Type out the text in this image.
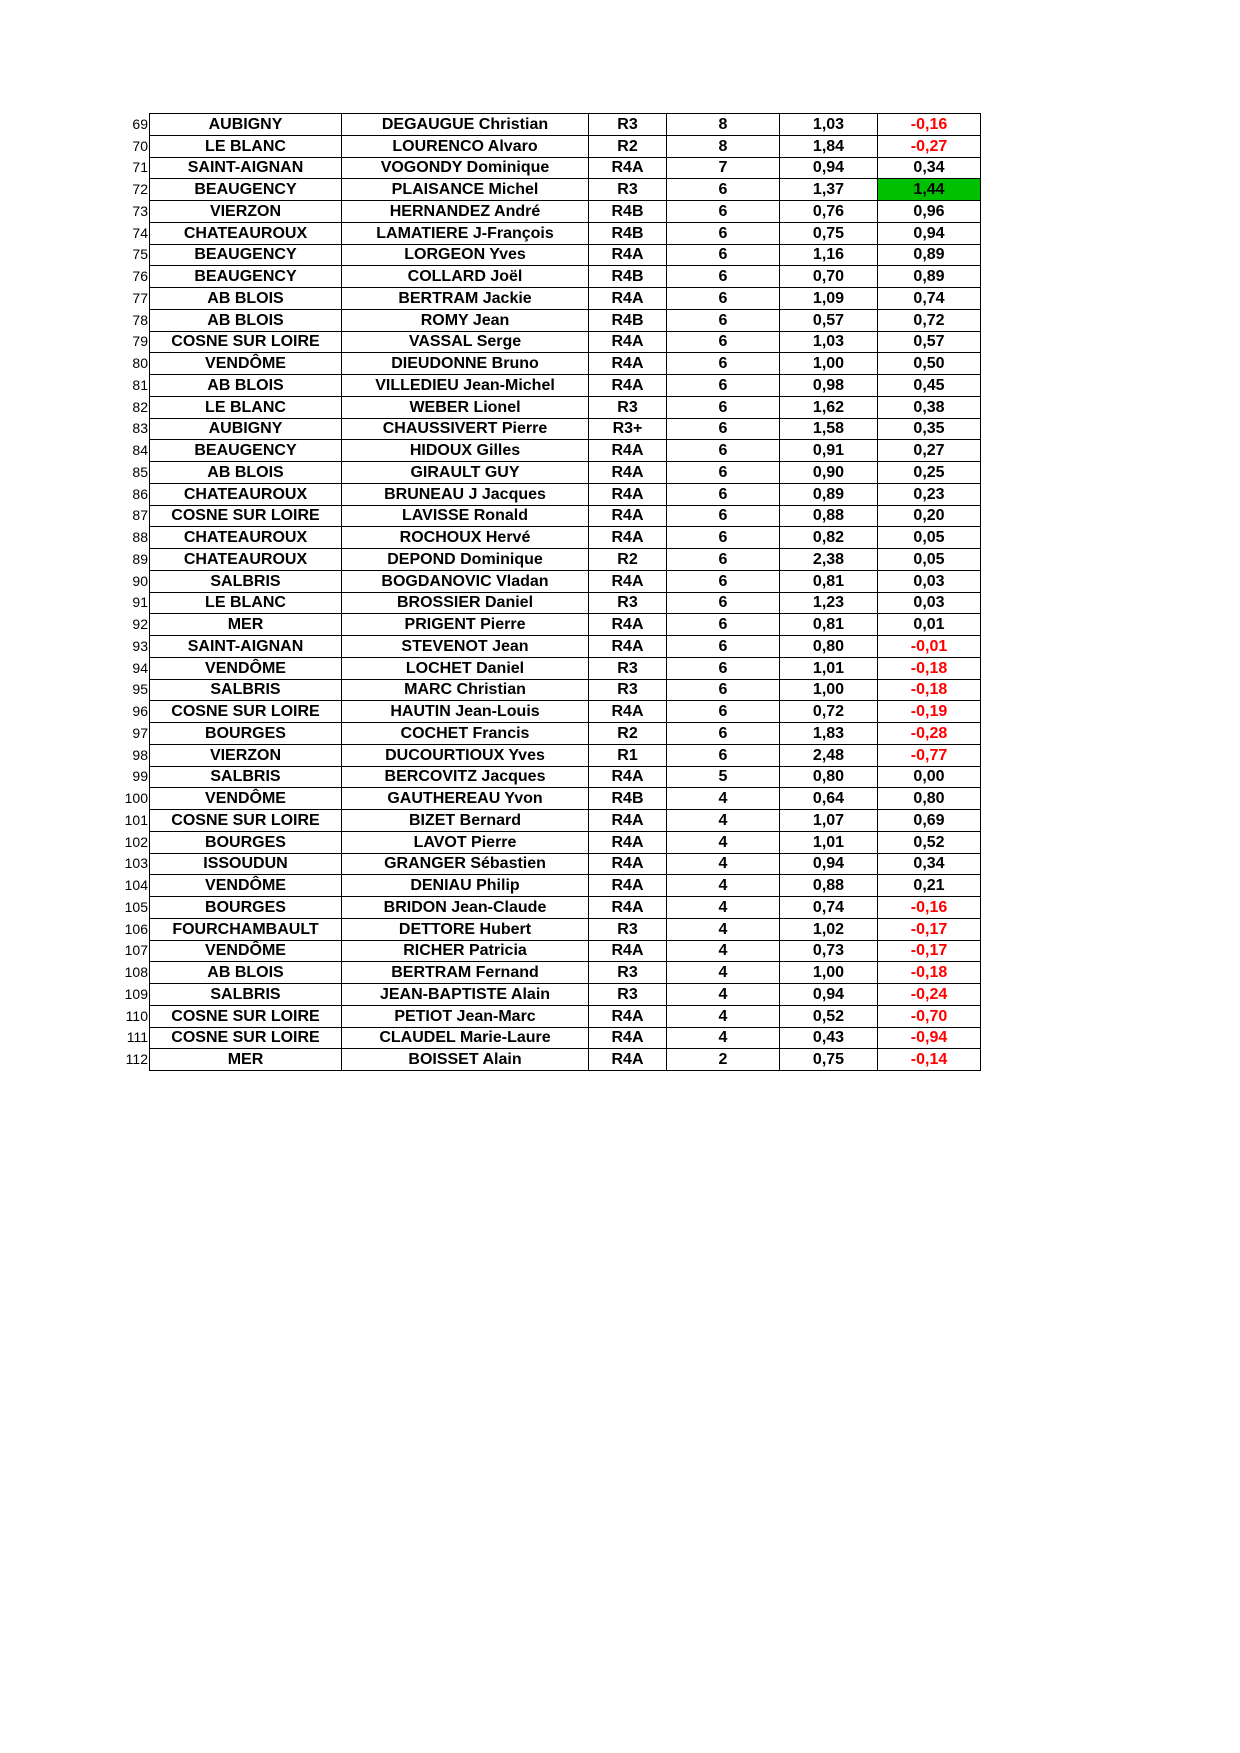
69	AUBIGNY	DEGAUGUE Christian	R3	8	1,03	-0,16
70	LE BLANC	LOURENCO Alvaro	R2	8	1,84	-0,27
71	SAINT-AIGNAN	VOGONDY Dominique	R4A	7	0,94	0,34
72	BEAUGENCY	PLAISANCE Michel	R3	6	1,37	1,44
73	VIERZON	HERNANDEZ André	R4B	6	0,76	0,96
74	CHATEAUROUX	LAMATIERE J-François	R4B	6	0,75	0,94
75	BEAUGENCY	LORGEON Yves	R4A	6	1,16	0,89
76	BEAUGENCY	COLLARD Joël	R4B	6	0,70	0,89
77	AB BLOIS	BERTRAM Jackie	R4A	6	1,09	0,74
78	AB BLOIS	ROMY Jean	R4B	6	0,57	0,72
79	COSNE SUR LOIRE	VASSAL Serge	R4A	6	1,03	0,57
80	VENDÔME	DIEUDONNE Bruno	R4A	6	1,00	0,50
81	AB BLOIS	VILLEDIEU Jean-Michel	R4A	6	0,98	0,45
82	LE BLANC	WEBER Lionel	R3	6	1,62	0,38
83	AUBIGNY	CHAUSSIVERT Pierre	R3+	6	1,58	0,35
84	BEAUGENCY	HIDOUX Gilles	R4A	6	0,91	0,27
85	AB BLOIS	GIRAULT GUY	R4A	6	0,90	0,25
86	CHATEAUROUX	BRUNEAU J Jacques	R4A	6	0,89	0,23
87	COSNE SUR LOIRE	LAVISSE Ronald	R4A	6	0,88	0,20
88	CHATEAUROUX	ROCHOUX Hervé	R4A	6	0,82	0,05
89	CHATEAUROUX	DEPOND Dominique	R2	6	2,38	0,05
90	SALBRIS	BOGDANOVIC Vladan	R4A	6	0,81	0,03
91	LE BLANC	BROSSIER Daniel	R3	6	1,23	0,03
92	MER	PRIGENT Pierre	R4A	6	0,81	0,01
93	SAINT-AIGNAN	STEVENOT Jean	R4A	6	0,80	-0,01
94	VENDÔME	LOCHET Daniel	R3	6	1,01	-0,18
95	SALBRIS	MARC Christian	R3	6	1,00	-0,18
96	COSNE SUR LOIRE	HAUTIN Jean-Louis	R4A	6	0,72	-0,19
97	BOURGES	COCHET Francis	R2	6	1,83	-0,28
98	VIERZON	DUCOURTIOUX Yves	R1	6	2,48	-0,77
99	SALBRIS	BERCOVITZ Jacques	R4A	5	0,80	0,00
100	VENDÔME	GAUTHEREAU Yvon	R4B	4	0,64	0,80
101	COSNE SUR LOIRE	BIZET Bernard	R4A	4	1,07	0,69
102	BOURGES	LAVOT Pierre	R4A	4	1,01	0,52
103	ISSOUDUN	GRANGER Sébastien	R4A	4	0,94	0,34
104	VENDÔME	DENIAU Philip	R4A	4	0,88	0,21
105	BOURGES	BRIDON Jean-Claude	R4A	4	0,74	-0,16
106	FOURCHAMBAULT	DETTORE Hubert	R3	4	1,02	-0,17
107	VENDÔME	RICHER Patricia	R4A	4	0,73	-0,17
108	AB BLOIS	BERTRAM Fernand	R3	4	1,00	-0,18
109	SALBRIS	JEAN-BAPTISTE Alain	R3	4	0,94	-0,24
110	COSNE SUR LOIRE	PETIOT Jean-Marc	R4A	4	0,52	-0,70
111	COSNE SUR LOIRE	CLAUDEL Marie-Laure	R4A	4	0,43	-0,94
112	MER	BOISSET Alain	R4A	2	0,75	-0,14
